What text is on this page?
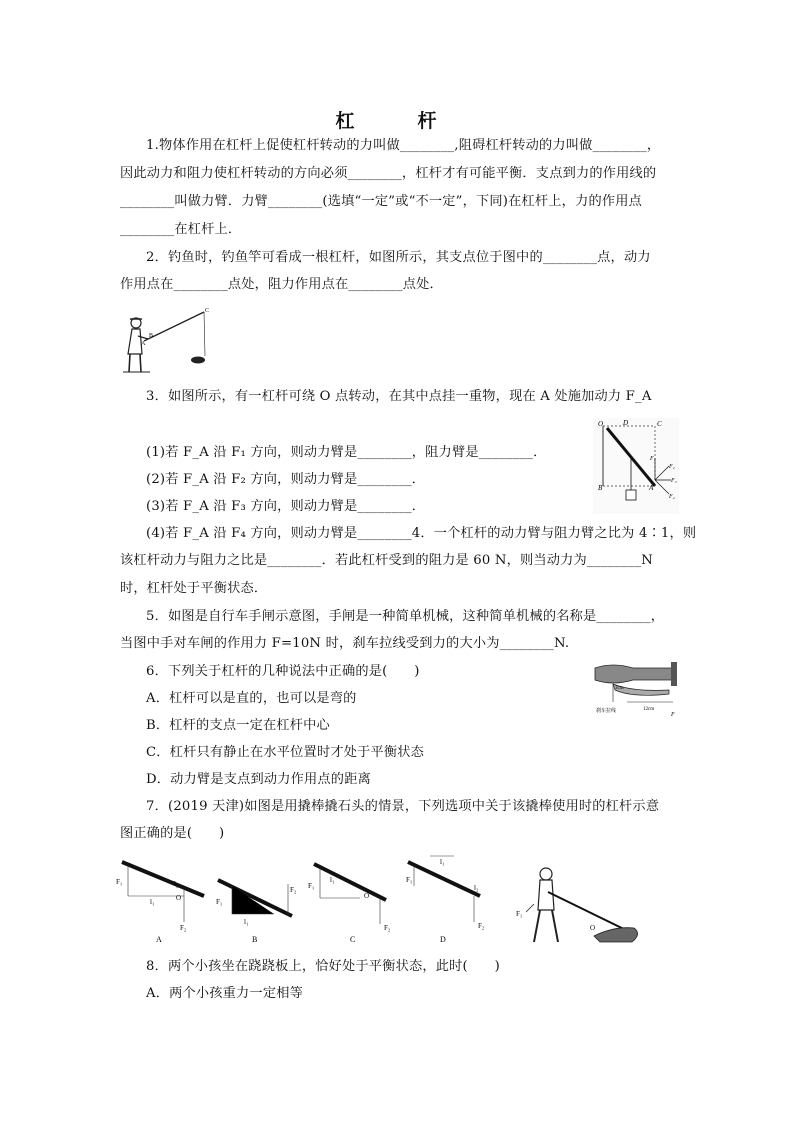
杠　杆
1.物体作用在杠杆上促使杠杆转动的力叫做________,阻碍杠杆转动的力叫做________，
因此动力和阻力使杠杆转动的方向必须________，杠杆才有可能平衡．支点到力的作用线的
________叫做力臂．力臂________(选填“一定”或“不一定”，下同)在杠杆上，力的作用点
________在杠杆上．
2．钓鱼时，钓鱼竿可看成一根杠杆，如图所示，其支点位于图中的________点，动力
作用点在________点处，阻力作用点在________点处．
C
B
A
3．如图所示，有一杠杆可绕 O 点转动，在其中点挂一重物，现在 A 处施加动力 F_A
(1)若 F_A 沿 F₁ 方向，则动力臂是________，阻力臂是________．
(2)若 F_A 沿 F₂ 方向，则动力臂是________．
(3)若 F_A 沿 F₃ 方向，则动力臂是________．
(4)若 F_A 沿 F₄ 方向，则动力臂是________4．一个杠杆的动力臂与阻力臂之比为 4∶1，则
该杠杆动力与阻力之比是________．若此杠杆受到的阻力是 60 N，则当动力为________N
时，杠杆处于平衡状态．
O	D	C
B	A
F₁
F₂
F₃
F₄
5．如图是自行车手闸示意图，手闸是一种简单机械，这种简单机械的名称是________，
当图中手对车闸的作用力 F=10N 时，刹车拉线受到力的大小为________N.
6．下列关于杠杆的几种说法中正确的是(　　)
A．杠杆可以是直的，也可以是弯的
B．杠杆的支点一定在杠杆中心
C．杠杆只有静止在水平位置时才处于平衡状态
D．动力臂是支点到动力作用点的距离
3cm
12cm
刹车拉线
F
7．(2019 天津)如图是用撬棒撬石头的情景，下列选项中关于该撬棒使用时的杠杆示意
图正确的是(　　)
F₁
l₁
l₂
O
F₂
A
F₁
l₁
F₂
B
F₁
l₁
O
F₂
C
F₁
l₁
l₂
F₂
D
F₁
O
8．两个小孩坐在跷跷板上，恰好处于平衡状态，此时(　　)
A．两个小孩重力一定相等
